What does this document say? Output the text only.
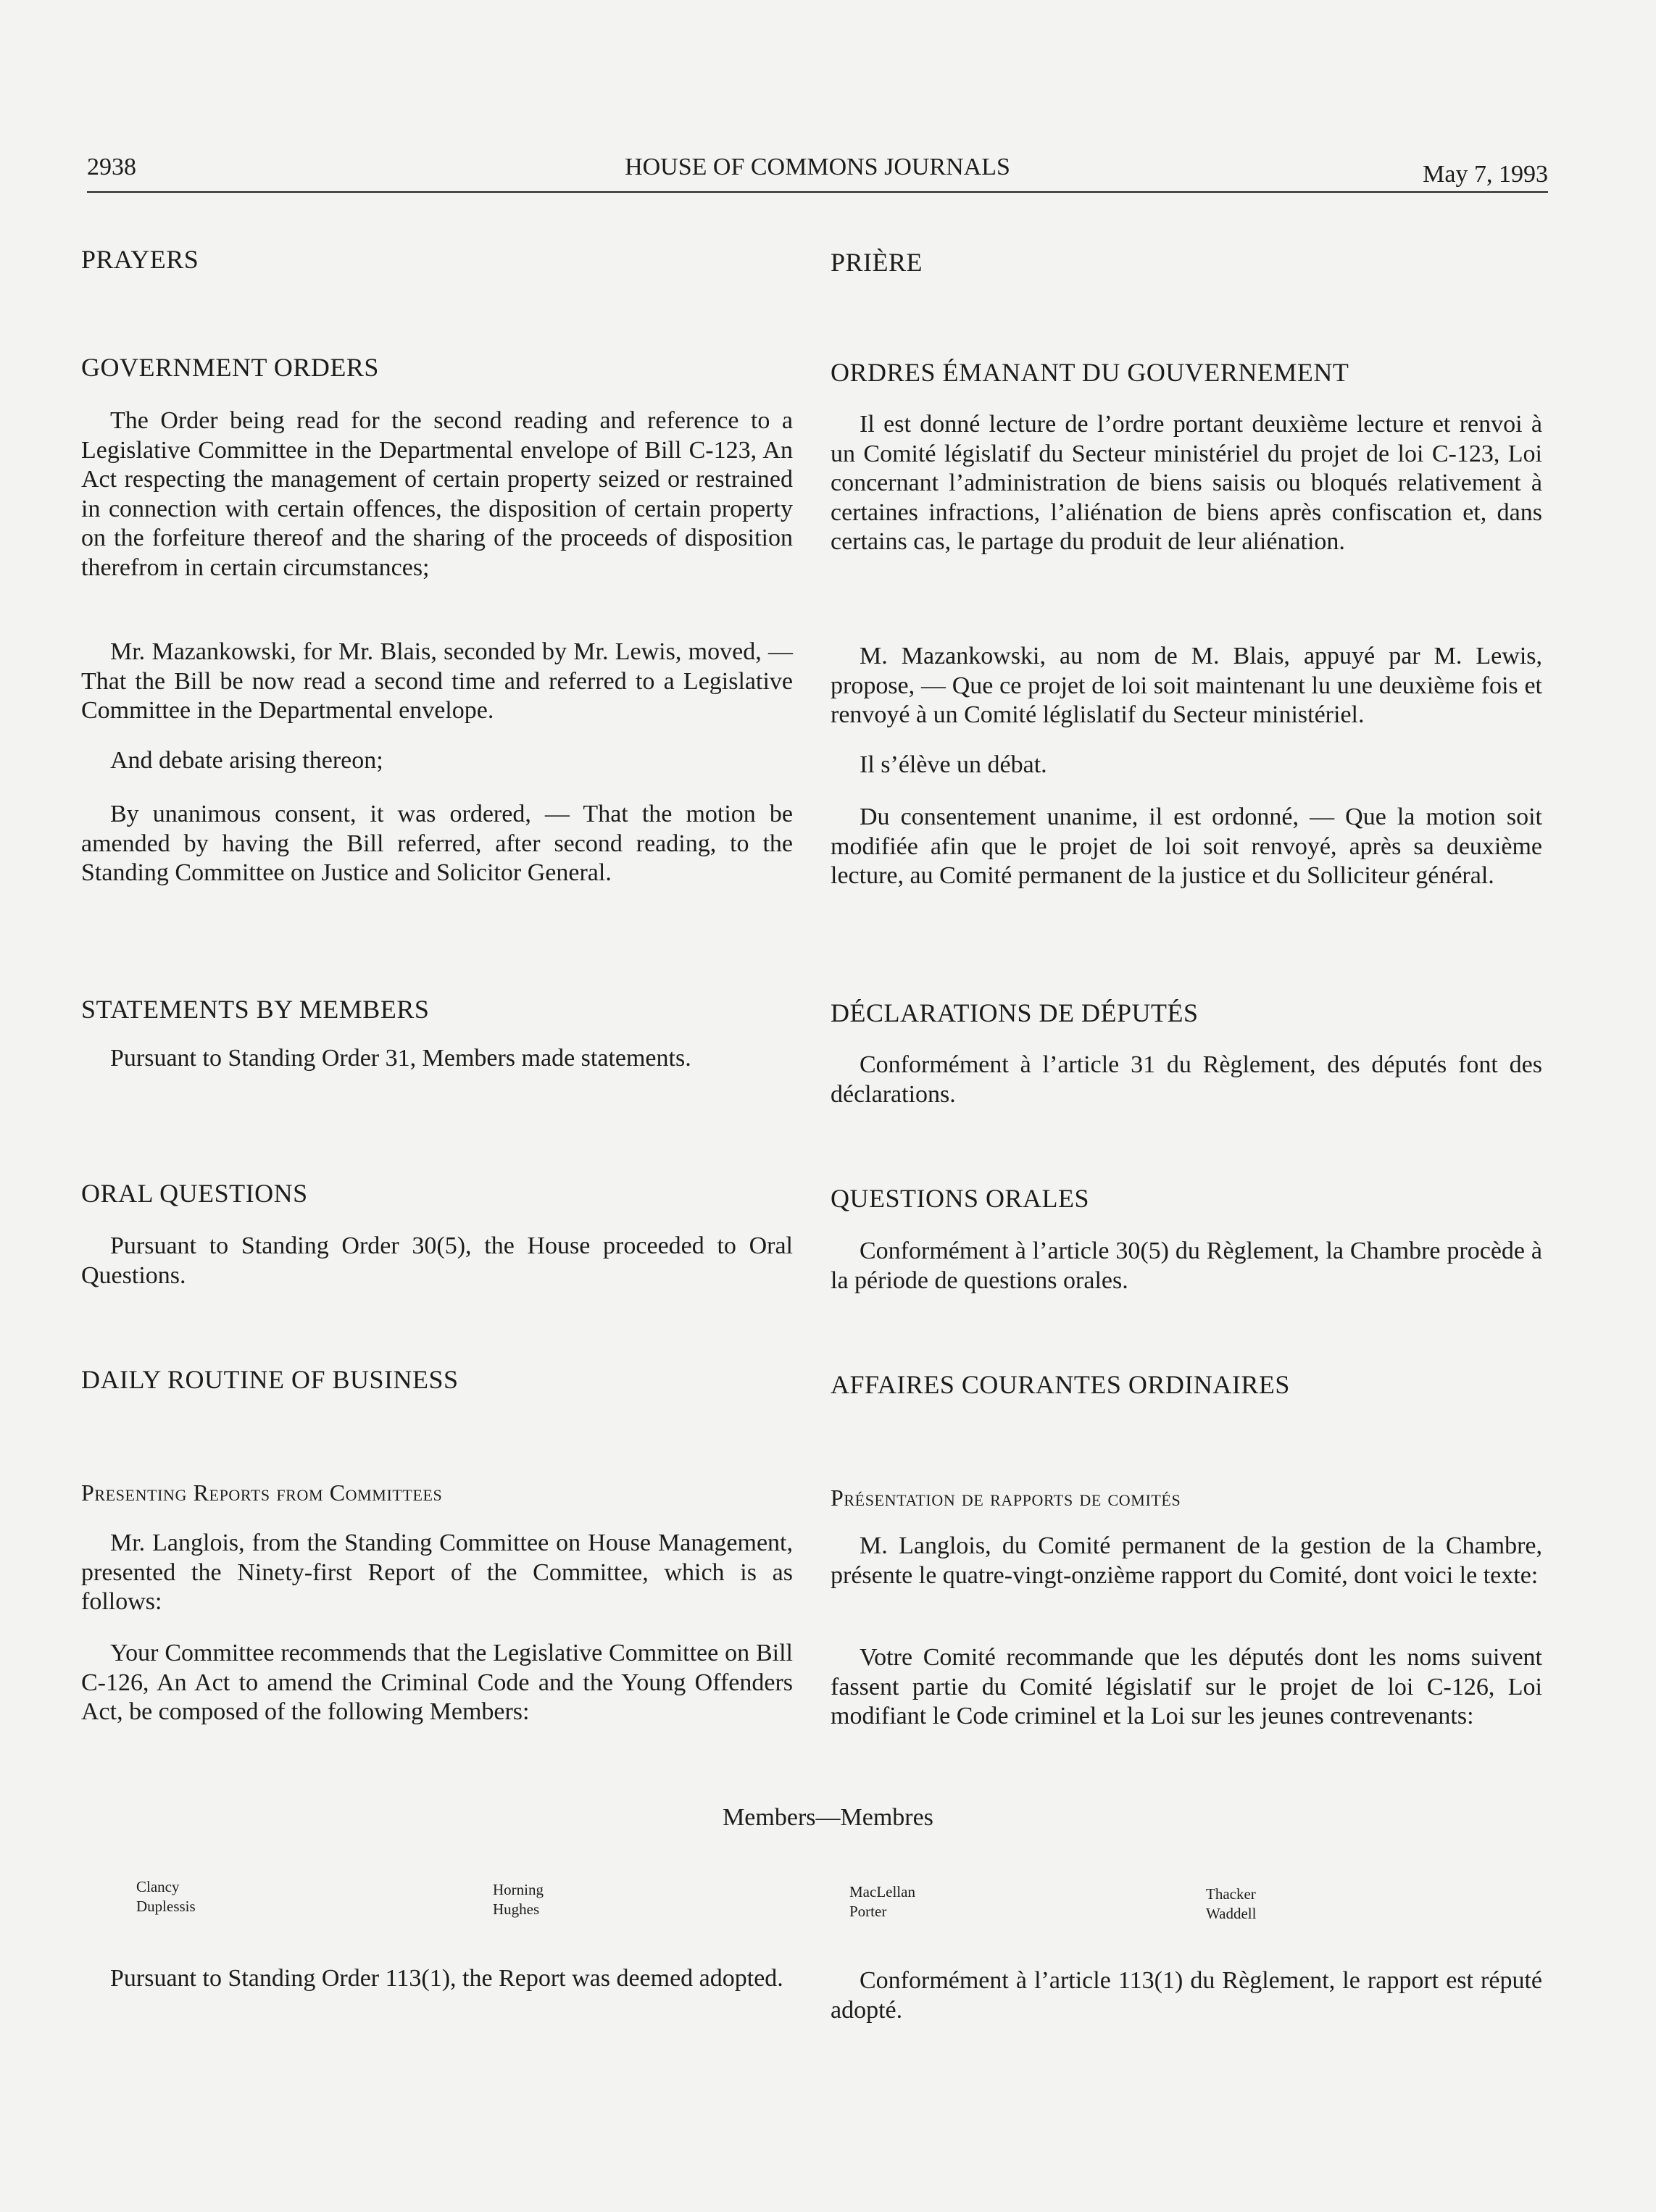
2938	HOUSE OF COMMONS JOURNALS	May 7, 1993
PRAYERS
GOVERNMENT ORDERS

The Order being read for the second reading and reference to a Legislative Committee in the Departmental envelope of Bill C-123, An Act respecting the management of certain property seized or restrained in connection with certain offences, the disposition of certain property on the forfeiture thereof and the sharing of the proceeds of disposition therefrom in certain circumstances;

Mr. Mazankowski, for Mr. Blais, seconded by Mr. Lewis, moved, — That the Bill be now read a second time and referred to a Legislative Committee in the Departmental envelope.

And debate arising thereon;

By unanimous consent, it was ordered, — That the motion be amended by having the Bill referred, after second reading, to the Standing Committee on Justice and Solicitor General.

STATEMENTS BY MEMBERS

Pursuant to Standing Order 31, Members made statements.

ORAL QUESTIONS

Pursuant to Standing Order 30(5), the House proceeded to Oral Questions.

DAILY ROUTINE OF BUSINESS
Presenting Reports from Committees

Mr. Langlois, from the Standing Committee on House Management, presented the Ninety-first Report of the Committee, which is as follows:

Your Committee recommends that the Legislative Committee on Bill C-126, An Act to amend the Criminal Code and the Young Offenders Act, be composed of the following Members:

Pursuant to Standing Order 113(1), the Report was deemed adopted.

PRIÈRE
ORDRES ÉMANANT DU GOUVERNEMENT

Il est donné lecture de l’ordre portant deuxième lecture et renvoi à un Comité législatif du Secteur ministériel du projet de loi C-123, Loi concernant l’administration de biens saisis ou bloqués relativement à certaines infractions, l’aliénation de biens après confiscation et, dans certains cas, le partage du produit de leur aliénation.

M. Mazankowski, au nom de M. Blais, appuyé par M. Lewis, propose, — Que ce projet de loi soit maintenant lu une deuxième fois et renvoyé à un Comité léglislatif du Secteur ministériel.

Il s’élève un débat.

Du consentement unanime, il est ordonné, — Que la motion soit modifiée afin que le projet de loi soit renvoyé, après sa deuxième lecture, au Comité permanent de la justice et du Solliciteur général.

DÉCLARATIONS DE DÉPUTÉS

Conformément à l’article 31 du Règlement, des députés font des déclarations.

QUESTIONS ORALES

Conformément à l’article 30(5) du Règlement, la Chambre procède à la période de questions orales.

AFFAIRES COURANTES ORDINAIRES
Présentation de rapports de comités

M. Langlois, du Comité permanent de la gestion de la Chambre, présente le quatre-vingt-onzième rapport du Comité, dont voici le texte:

Votre Comité recommande que les députés dont les noms suivent fassent partie du Comité législatif sur le projet de loi C-126, Loi modifiant le Code criminel et la Loi sur les jeunes contrevenants:

Conformément à l’article 113(1) du Règlement, le rapport est réputé adopté.

Members—Membres
Clancy
Duplessis
Horning
Hughes
MacLellan
Porter
Thacker
Waddell
